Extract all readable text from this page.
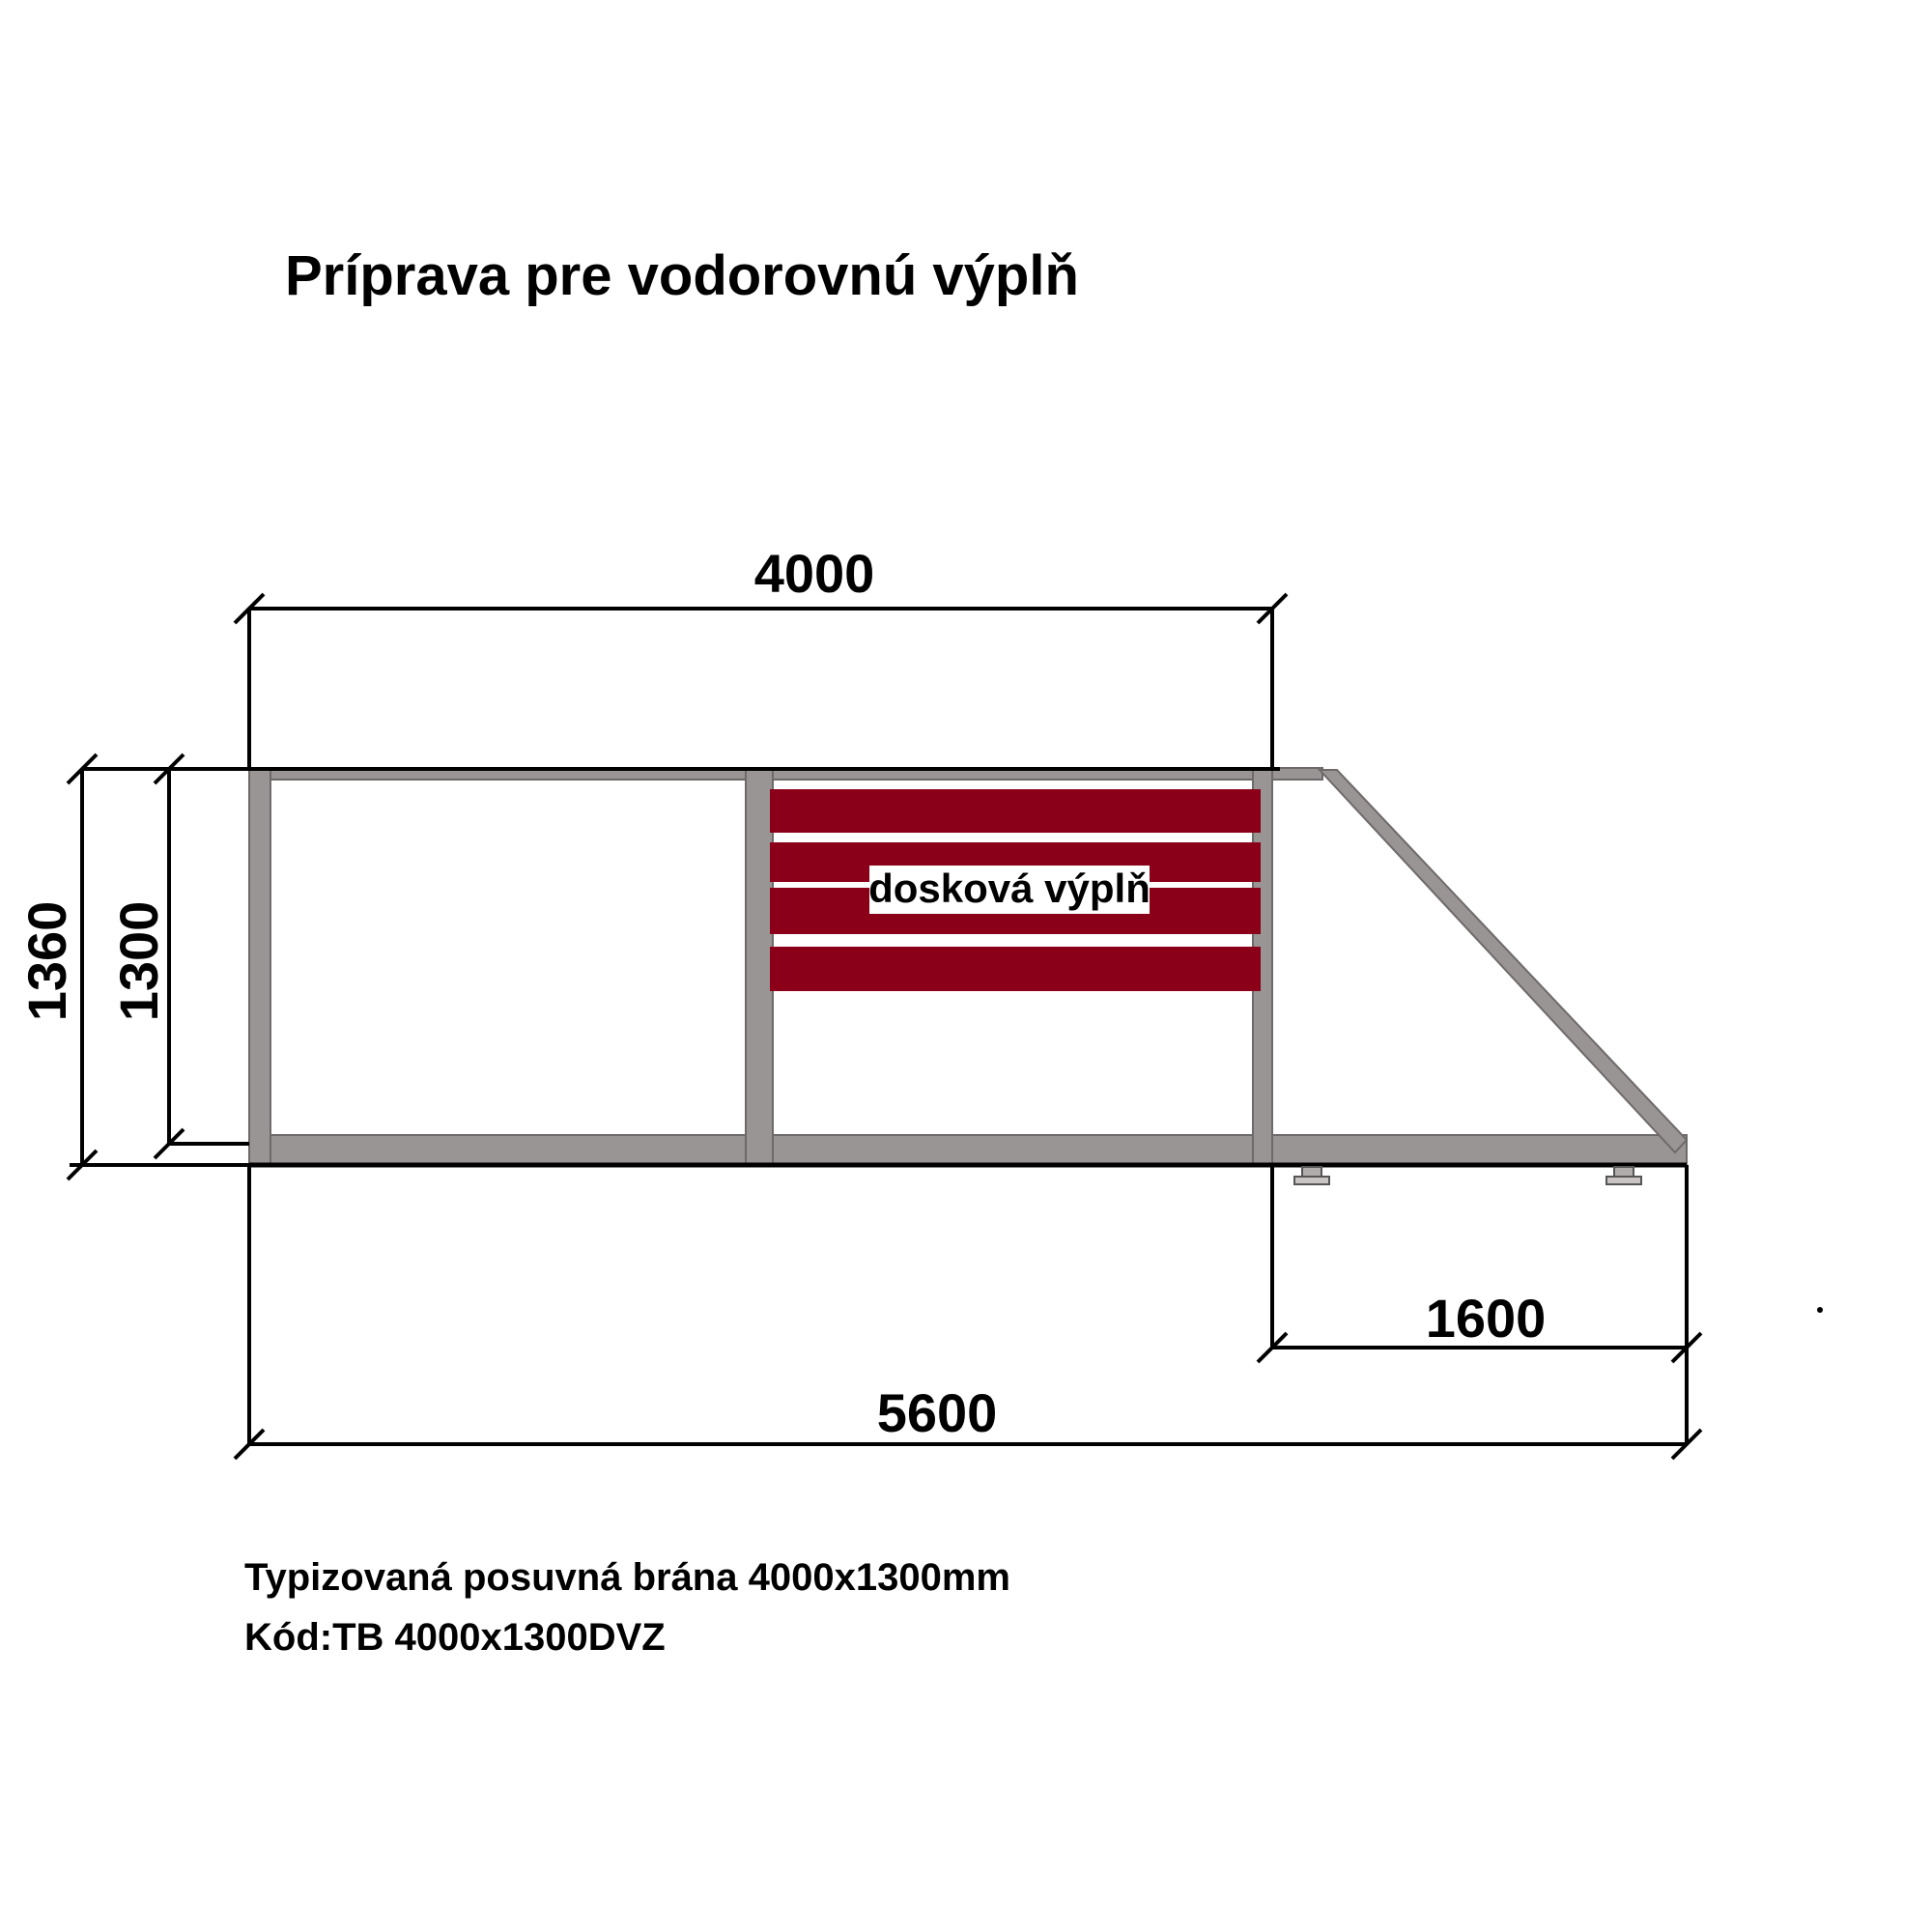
Príprava pre vodorovnú výplň
dosková výplň
4000
5600
1600
1360 1300
Typizovaná posuvná brána 4000x1300mm
Kód:TB 4000x1300DVZ
